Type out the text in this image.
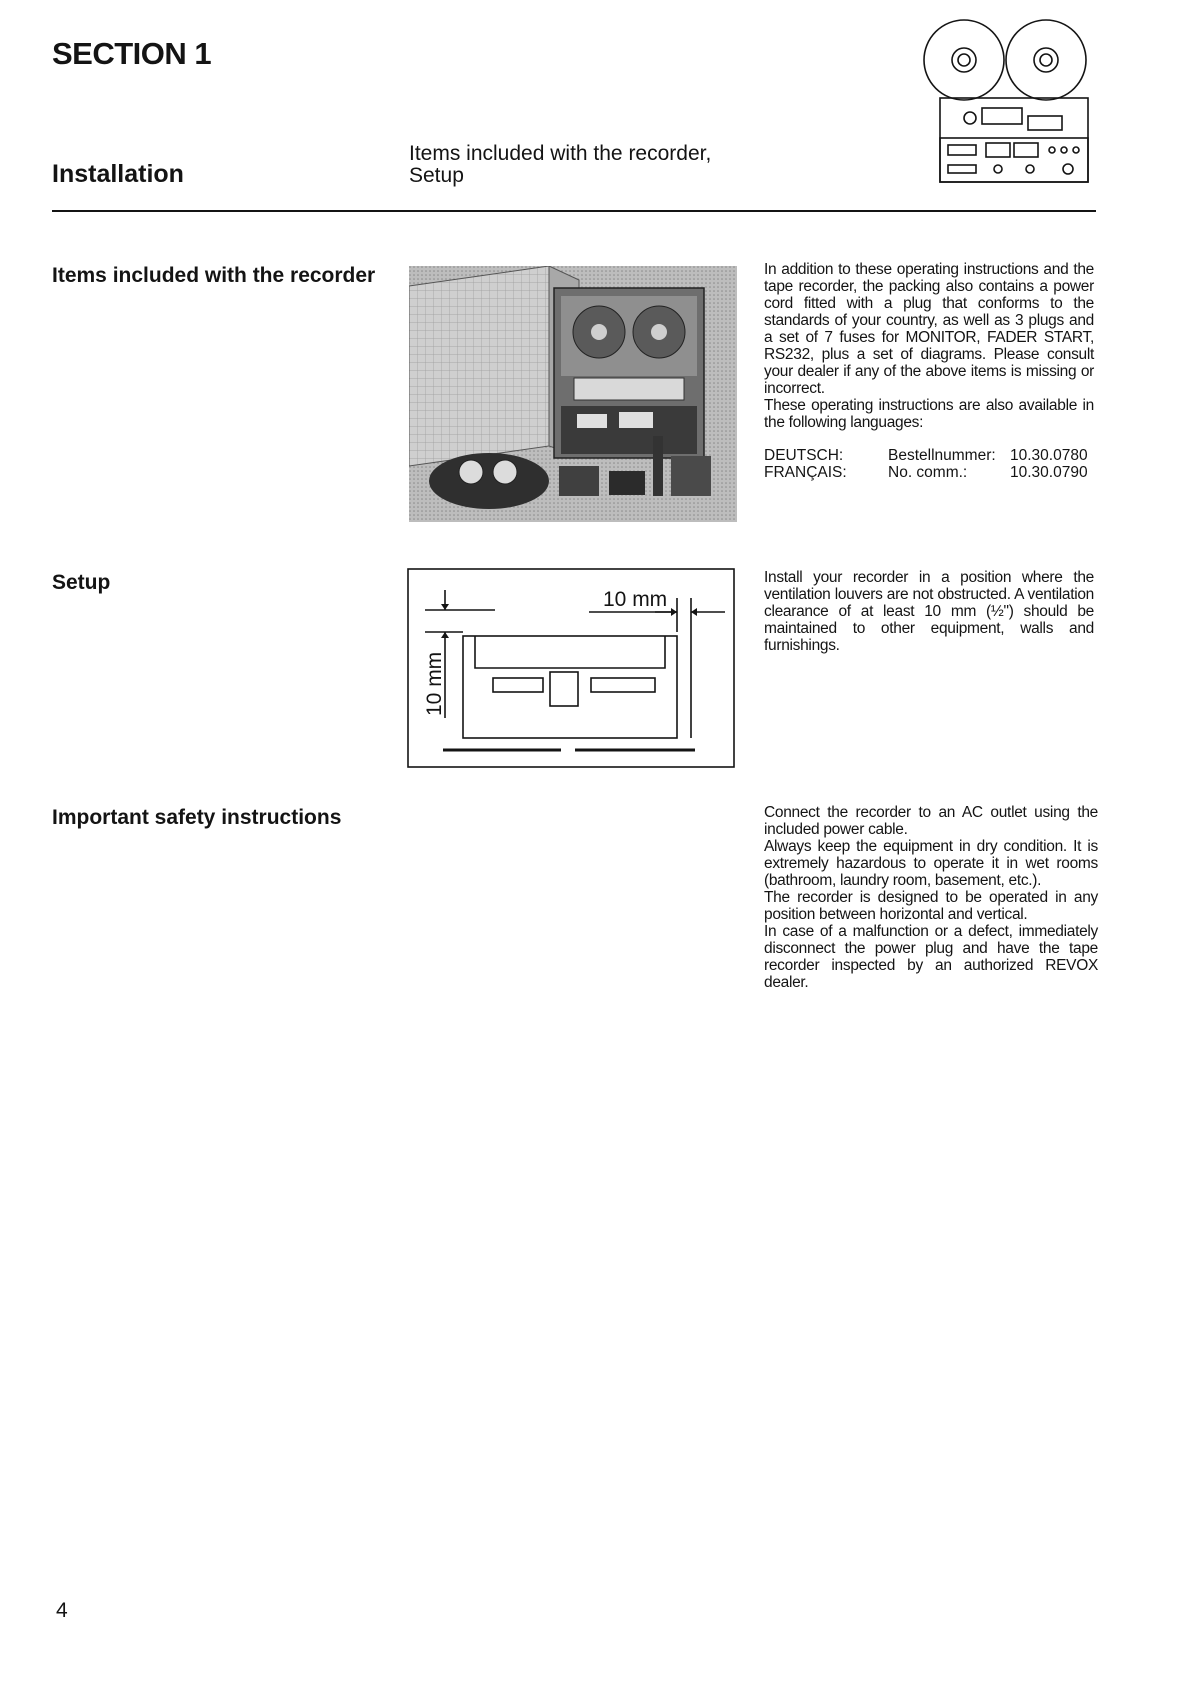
SECTION 1
Installation
Items included with the recorder,
Setup
Items included with the recorder	In addition to these operating instructions and the tape recorder, the packing also contains a power cord fitted with a plug that conforms to the standards of your country, as well as 3 plugs and a set of 7 fuses for MONITOR, FADER START, RS232, plus a set of diagrams. Please consult your dealer if any of the above items is missing or incorrect.

These operating instructions are also available in the following languages:

DEUTSCH:	Bestellnummer: 10.30.0780
FRANÇAIS:	No. comm.:	10.30.0790
Setup
10 mm
10 mm

Install your recorder in a position where the ventilation louvers are not obstructed. A ventilation clearance of at least 10 mm (½") should be maintained to other equipment, walls and furnishings.

Important safety instructions	Connect the recorder to an AC outlet using the included power cable.

Always keep the equipment in dry condition. It is extremely hazardous to operate it in wet rooms (bathroom, laundry room, basement, etc.).

The recorder is designed to be operated in any position between horizontal and vertical.

In case of a malfunction or a defect, immediately disconnect the power plug and have the tape recorder inspected by an authorized REVOX dealer.

4
